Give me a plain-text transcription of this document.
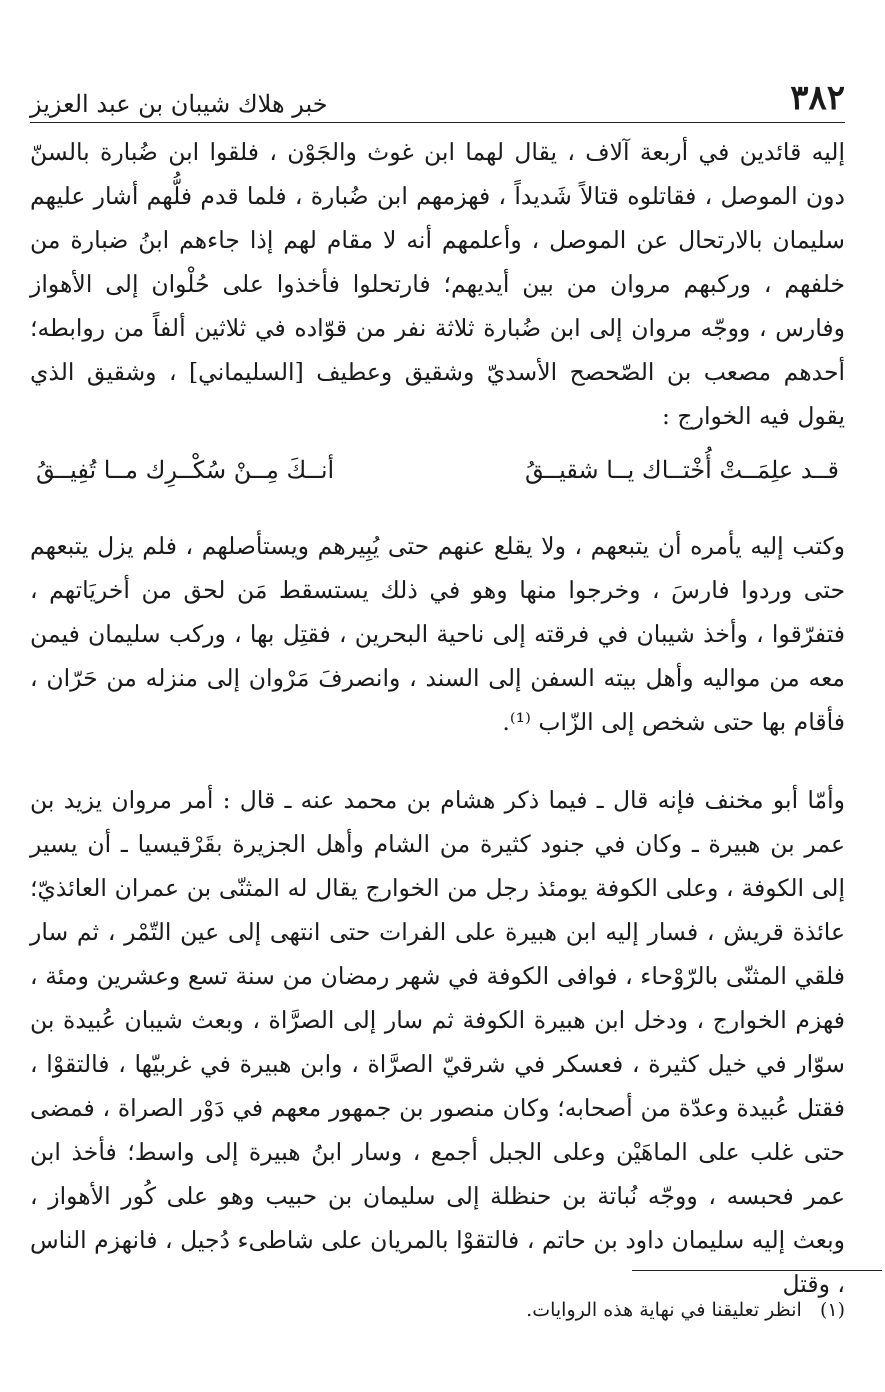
٣٨٢
خبر هلاك شيبان بن عبد العزيز

إليه قائدين في أربعة آلاف ، يقال لهما ابن غوث والجَوْن ، فلقوا ابن ضُبارة بالسنّ دون الموصل ، فقاتلوه قتالاً شَديداً ، فهزمهم ابن ضُبارة ، فلما قدم فلُّهم أشار عليهم سليمان بالارتحال عن الموصل ، وأعلمهم أنه لا مقام لهم إذا جاءهم ابنُ ضبارة من خلفهم ، وركبهم مروان من بين أيديهم؛ فارتحلوا فأخذوا على حُلْوان إلى الأهواز وفارس ، ووجّه مروان إلى ابن ضُبارة ثلاثة نفر من قوّاده في ثلاثين ألفاً من روابطه؛ أحدهم مصعب بن الصّحصح الأسديّ وشقيق وعطيف [السليماني] ، وشقيق الذي يقول فيه الخوارج :

قــد علِمَــتْ أُخْتــاك يــا شقيــقُ
أنــكَ مِــنْ سُكْــرِك مــا تُفِيــقُ

وكتب إليه يأمره أن يتبعهم ، ولا يقلع عنهم حتى يُبِيرهم ويستأصلهم ، فلم يزل يتبعهم حتى وردوا فارسَ ، وخرجوا منها وهو في ذلك يستسقط مَن لحق من أخريَاتهم ، فتفرّقوا ، وأخذ شيبان في فرقته إلى ناحية البحرين ، فقتِل بها ، وركب سليمان فيمن معه من مواليه وأهل بيته السفن إلى السند ، وانصرفَ مَرْوان إلى منزله من حَرّان ، فأقام بها حتى شخص إلى الزّاب ⁽¹⁾.

وأمّا أبو مخنف فإنه قال ـ فيما ذكر هشام بن محمد عنه ـ قال : أمر مروان يزيد بن عمر بن هبيرة ـ وكان في جنود كثيرة من الشام وأهل الجزيرة بقَرْقيسيا ـ أن يسير إلى الكوفة ، وعلى الكوفة يومئذ رجل من الخوارج يقال له المثنّى بن عمران العائذيّ؛ عائذة قريش ، فسار إليه ابن هبيرة على الفرات حتى انتهى إلى عين التّمْر ، ثم سار فلقي المثنّى بالرّوْحاء ، فوافى الكوفة في شهر رمضان من سنة تسع وعشرين ومئة ، فهزم الخوارج ، ودخل ابن هبيرة الكوفة ثم سار إلى الصرَّاة ، وبعث شيبان عُبيدة بن سوّار في خيل كثيرة ، فعسكر في شرقيّ الصرَّاة ، وابن هبيرة في غربيّها ، فالتقوْا ، فقتل عُبيدة وعدّة من أصحابه؛ وكان منصور بن جمهور معهم في دَوْر الصراة ، فمضى حتى غلب على الماهَيْن وعلى الجبل أجمع ، وسار ابنُ هبيرة إلى واسط؛ فأخذ ابن عمر فحبسه ، ووجّه نُباتة بن حنظلة إلى سليمان بن حبيب وهو على كُور الأهواز ، وبعث إليه سليمان داود بن حاتم ، فالتقوْا بالمريان على شاطىء دُجيل ، فانهزم الناس ، وقتل

(١)   انظر تعليقنا في نهاية هذه الروايات.
